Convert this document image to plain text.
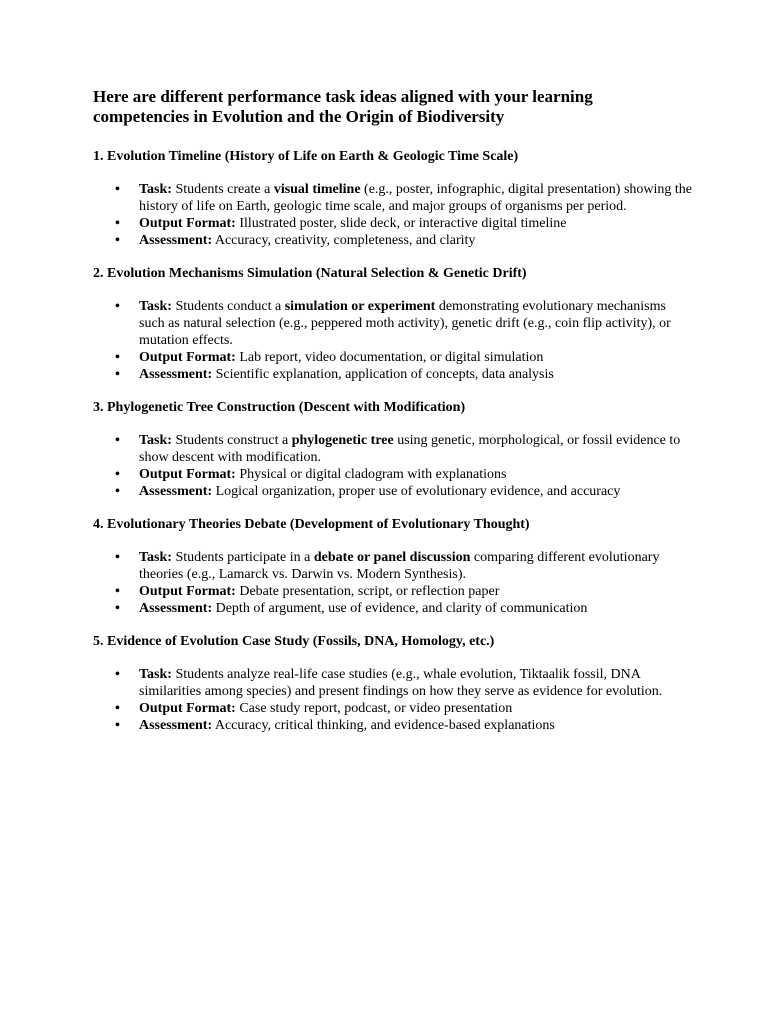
Here are different performance task ideas aligned with your learning competencies in Evolution and the Origin of Biodiversity
1. Evolution Timeline (History of Life on Earth & Geologic Time Scale)
• Task: Students create a visual timeline (e.g., poster, infographic, digital presentation) showing the history of life on Earth, geologic time scale, and major groups of organisms per period.
• Output Format: Illustrated poster, slide deck, or interactive digital timeline
• Assessment: Accuracy, creativity, completeness, and clarity
2. Evolution Mechanisms Simulation (Natural Selection & Genetic Drift)
• Task: Students conduct a simulation or experiment demonstrating evolutionary mechanisms such as natural selection (e.g., peppered moth activity), genetic drift (e.g., coin flip activity), or mutation effects.
• Output Format: Lab report, video documentation, or digital simulation
• Assessment: Scientific explanation, application of concepts, data analysis
3. Phylogenetic Tree Construction (Descent with Modification)
• Task: Students construct a phylogenetic tree using genetic, morphological, or fossil evidence to show descent with modification.
• Output Format: Physical or digital cladogram with explanations
• Assessment: Logical organization, proper use of evolutionary evidence, and accuracy
4. Evolutionary Theories Debate (Development of Evolutionary Thought)
• Task: Students participate in a debate or panel discussion comparing different evolutionary theories (e.g., Lamarck vs. Darwin vs. Modern Synthesis).
• Output Format: Debate presentation, script, or reflection paper
• Assessment: Depth of argument, use of evidence, and clarity of communication
5. Evidence of Evolution Case Study (Fossils, DNA, Homology, etc.)
• Task: Students analyze real-life case studies (e.g., whale evolution, Tiktaalik fossil, DNA similarities among species) and present findings on how they serve as evidence for evolution.
• Output Format: Case study report, podcast, or video presentation
• Assessment: Accuracy, critical thinking, and evidence-based explanations
